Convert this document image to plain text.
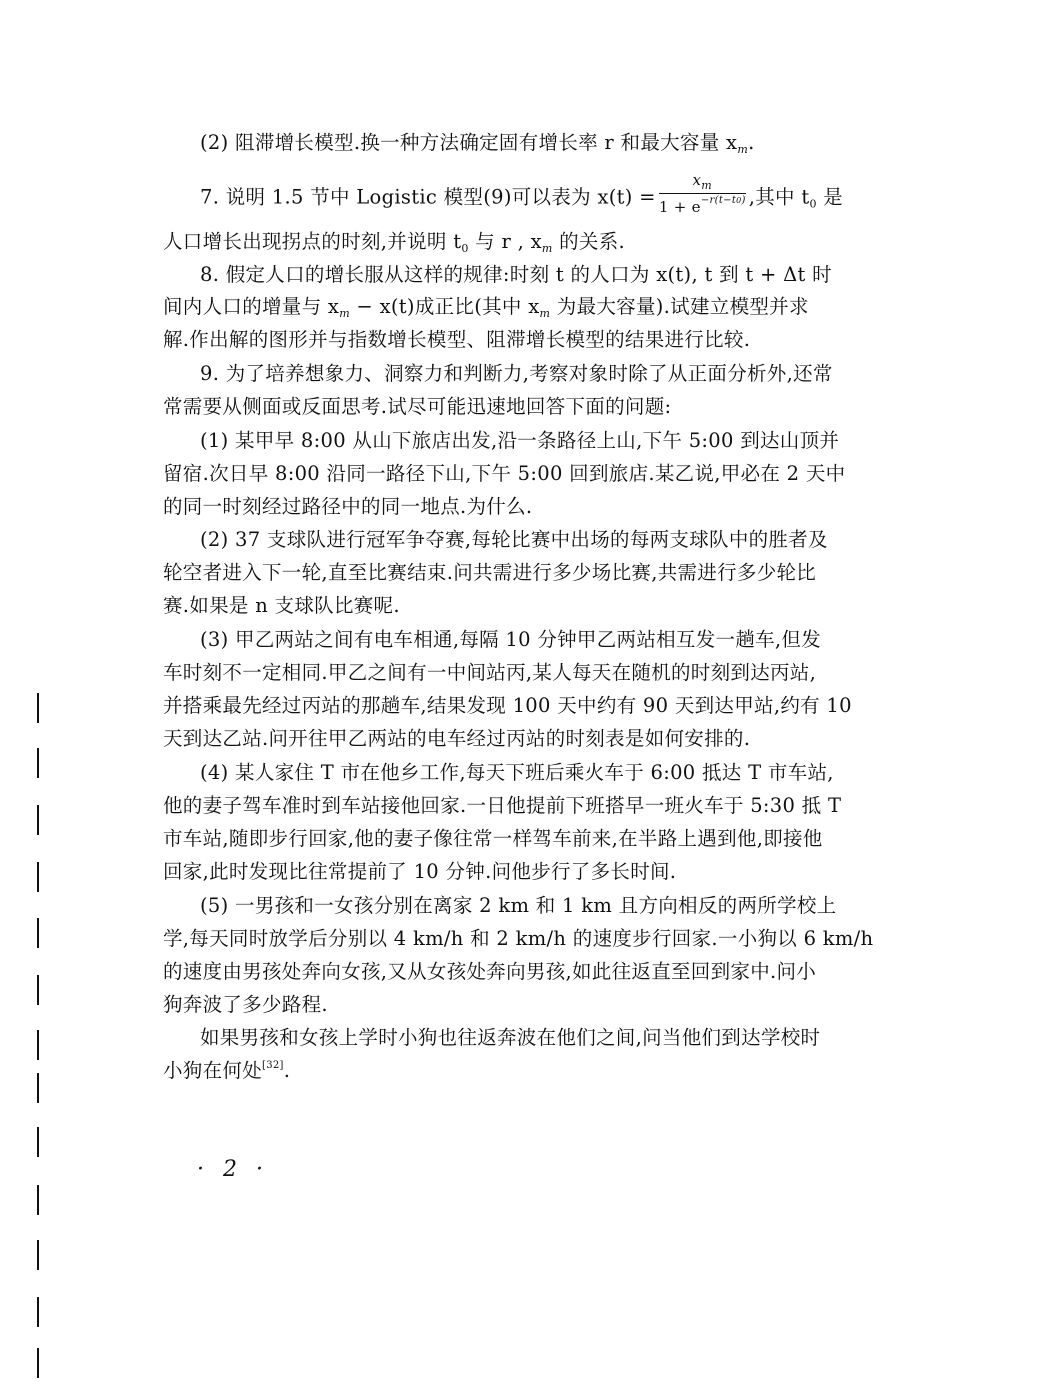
(2) 阻滞增长模型.换一种方法确定固有增长率 r 和最大容量 $x_m$.
7. 说明 1.5 节中 Logistic 模型(9)可以表为 $x(t) = \frac{x_m}{1 + e^{-r(t-t0)}}$ ,其中 $t_0$ 是
人口增长出现拐点的时刻,并说明 $t_0$ 与 r , $x_m$ 的关系.
8. 假定人口的增长服从这样的规律:时刻 t 的人口为 x(t), t 到 t + Δt 时
间内人口的增量与 $x_m - x(t)$成正比(其中 $x_m$ 为最大容量).试建立模型并求
解.作出解的图形并与指数增长模型、阻滞增长模型的结果进行比较.
9. 为了培养想象力、洞察力和判断力,考察对象时除了从正面分析外,还常
常需要从侧面或反面思考.试尽可能迅速地回答下面的问题:
(1) 某甲早 8:00 从山下旅店出发,沿一条路径上山,下午 5:00 到达山顶并
留宿.次日早 8:00 沿同一路径下山,下午 5:00 回到旅店.某乙说,甲必在 2 天中
的同一时刻经过路径中的同一地点.为什么.
(2) 37 支球队进行冠军争夺赛,每轮比赛中出场的每两支球队中的胜者及
轮空者进入下一轮,直至比赛结束.问共需进行多少场比赛,共需进行多少轮比
赛.如果是 n 支球队比赛呢.
(3) 甲乙两站之间有电车相通,每隔 10 分钟甲乙两站相互发一趟车,但发
车时刻不一定相同.甲乙之间有一中间站丙,某人每天在随机的时刻到达丙站,
并搭乘最先经过丙站的那趟车,结果发现 100 天中约有 90 天到达甲站,约有 10
天到达乙站.问开往甲乙两站的电车经过丙站的时刻表是如何安排的.
(4) 某人家住 T 市在他乡工作,每天下班后乘火车于 6:00 抵达 T 市车站,
他的妻子驾车准时到车站接他回家.一日他提前下班搭早一班火车于 5:30 抵 T
市车站,随即步行回家,他的妻子像往常一样驾车前来,在半路上遇到他,即接他
回家,此时发现比往常提前了 10 分钟.问他步行了多长时间.
(5) 一男孩和一女孩分别在离家 2 km 和 1 km 且方向相反的两所学校上
学,每天同时放学后分别以 4 km/h 和 2 km/h 的速度步行回家.一小狗以 6 km/h
的速度由男孩处奔向女孩,又从女孩处奔向男孩,如此往返直至回到家中.问小
狗奔波了多少路程.
如果男孩和女孩上学时小狗也往返奔波在他们之间,问当他们到达学校时
小狗在何处[32].
· 2 ·
